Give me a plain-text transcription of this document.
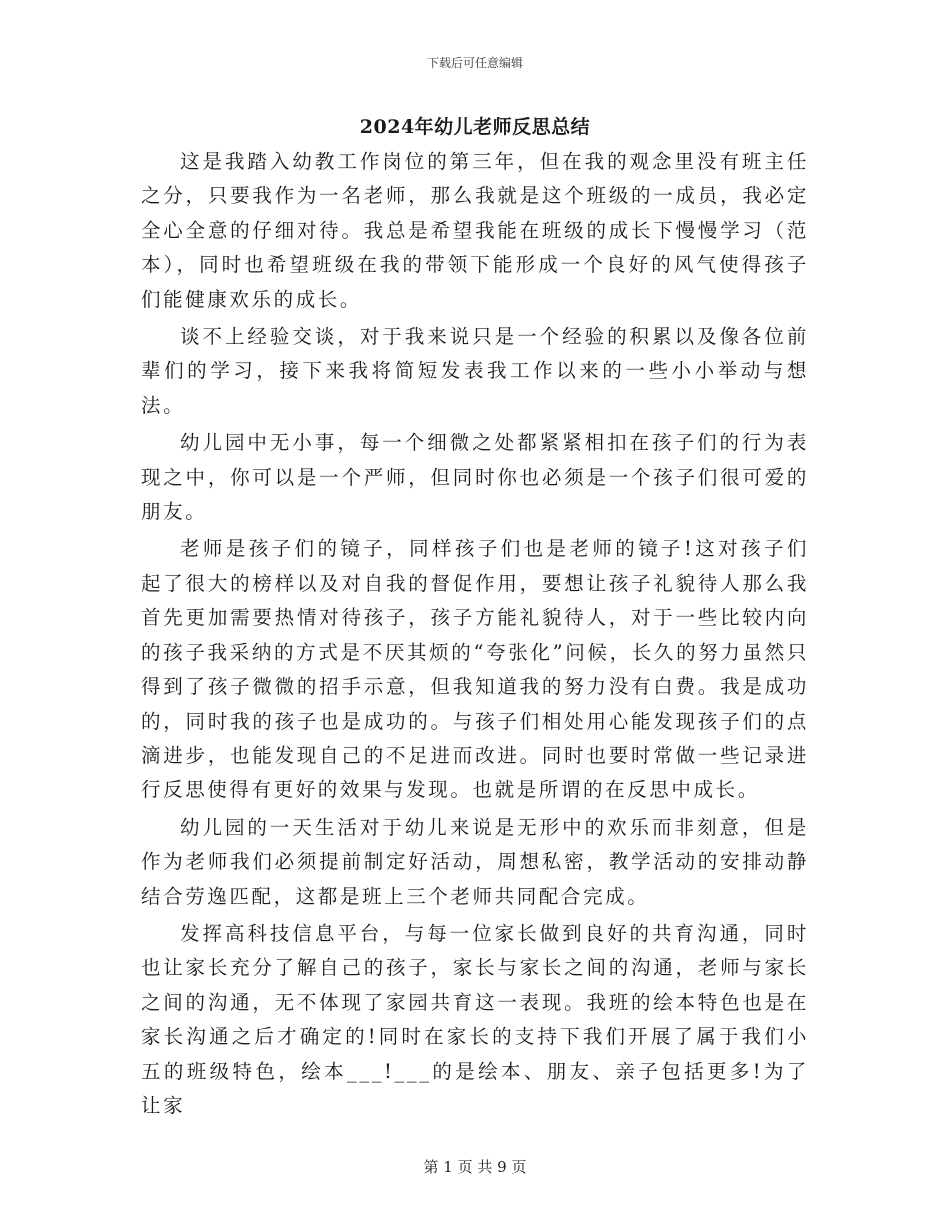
下载后可任意编辑
2024年幼儿老师反思总结

这是我踏入幼教工作岗位的第三年，但在我的观念里没有班主任之分，只要我作为一名老师，那么我就是这个班级的一成员，我必定全心全意的仔细对待。我总是希望我能在班级的成长下慢慢学习（范本），同时也希望班级在我的带领下能形成一个良好的风气使得孩子们能健康欢乐的成长。

谈不上经验交谈，对于我来说只是一个经验的积累以及像各位前辈们的学习，接下来我将简短发表我工作以来的一些小小举动与想法。

幼儿园中无小事，每一个细微之处都紧紧相扣在孩子们的行为表现之中，你可以是一个严师，但同时你也必须是一个孩子们很可爱的朋友。

老师是孩子们的镜子，同样孩子们也是老师的镜子!这对孩子们起了很大的榜样以及对自我的督促作用，要想让孩子礼貌待人那么我首先更加需要热情对待孩子，孩子方能礼貌待人，对于一些比较内向的孩子我采纳的方式是不厌其烦的“夸张化”问候，长久的努力虽然只得到了孩子微微的招手示意，但我知道我的努力没有白费。我是成功的，同时我的孩子也是成功的。与孩子们相处用心能发现孩子们的点滴进步，也能发现自己的不足进而改进。同时也要时常做一些记录进行反思使得有更好的效果与发现。也就是所谓的在反思中成长。

幼儿园的一天生活对于幼儿来说是无形中的欢乐而非刻意，但是作为老师我们必须提前制定好活动，周想私密，教学活动的安排动静结合劳逸匹配，这都是班上三个老师共同配合完成。

发挥高科技信息平台，与每一位家长做到良好的共育沟通，同时也让家长充分了解自己的孩子，家长与家长之间的沟通，老师与家长之间的沟通，无不体现了家园共育这一表现。我班的绘本特色也是在家长沟通之后才确定的!同时在家长的支持下我们开展了属于我们小五的班级特色，绘本___!___的是绘本、朋友、亲子包括更多!为了让家

第 1 页 共 9 页
